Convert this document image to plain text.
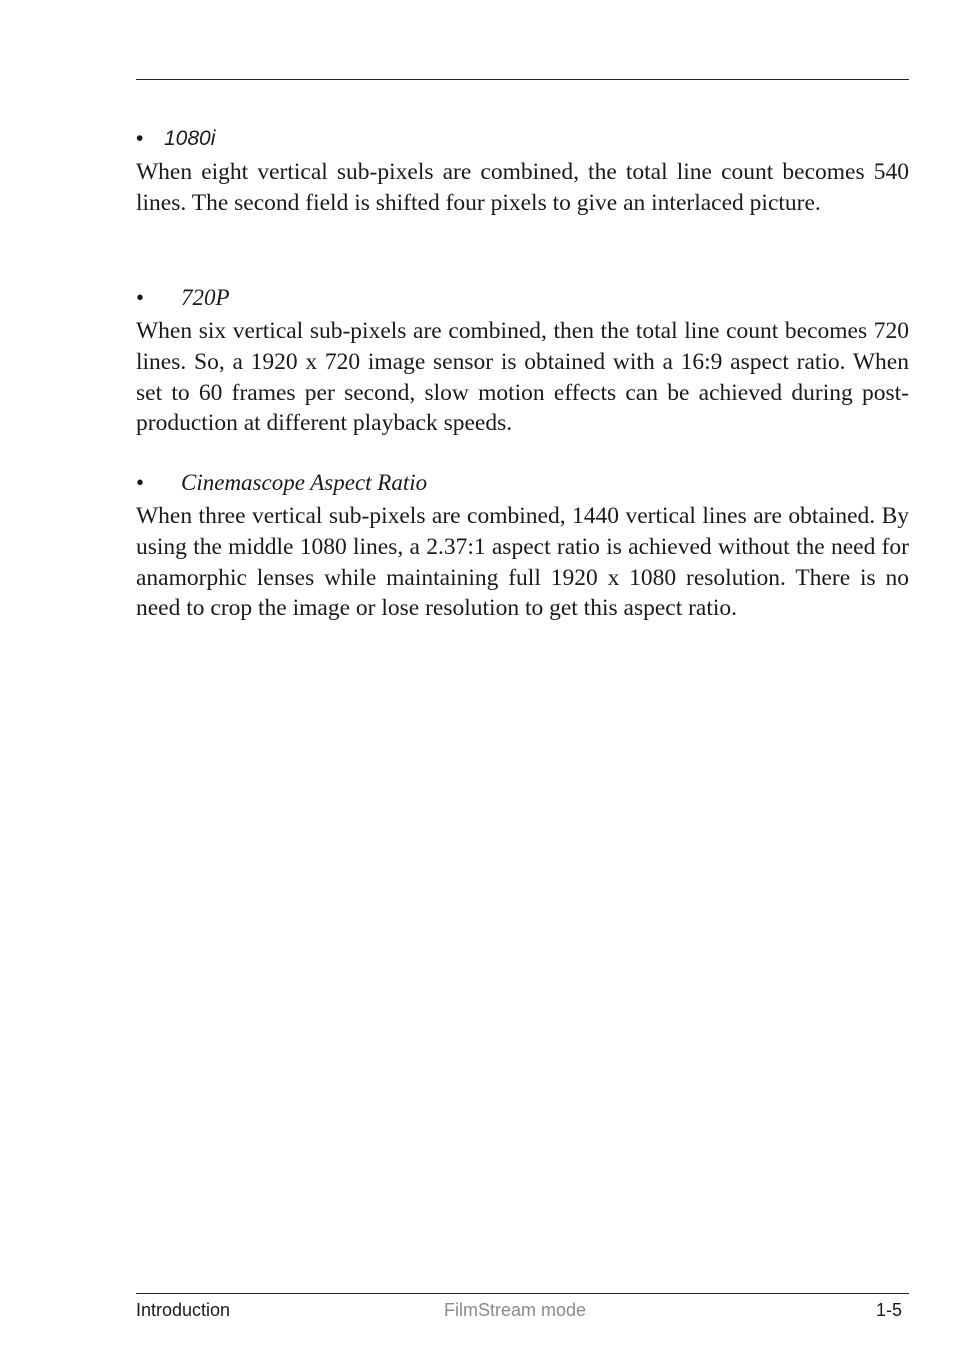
• 1080i

When eight vertical sub-pixels are combined, the total line count becomes 540 lines. The second field is shifted four pixels to give an interlaced picture.

• 720P

When six vertical sub-pixels are combined, then the total line count becomes 720 lines. So, a 1920 x 720 image sensor is obtained with a 16:9 aspect ratio. When set to 60 frames per second, slow motion effects can be achieved during post-production at different playback speeds.

• Cinemascope Aspect Ratio

When three vertical sub-pixels are combined, 1440 vertical lines are obtained. By using the middle 1080 lines, a 2.37:1 aspect ratio is achieved without the need for anamorphic lenses while maintaining full 1920 x 1080 resolution. There is no need to crop the image or lose resolution to get this aspect ratio.

Introduction	FilmStream mode	1-5
